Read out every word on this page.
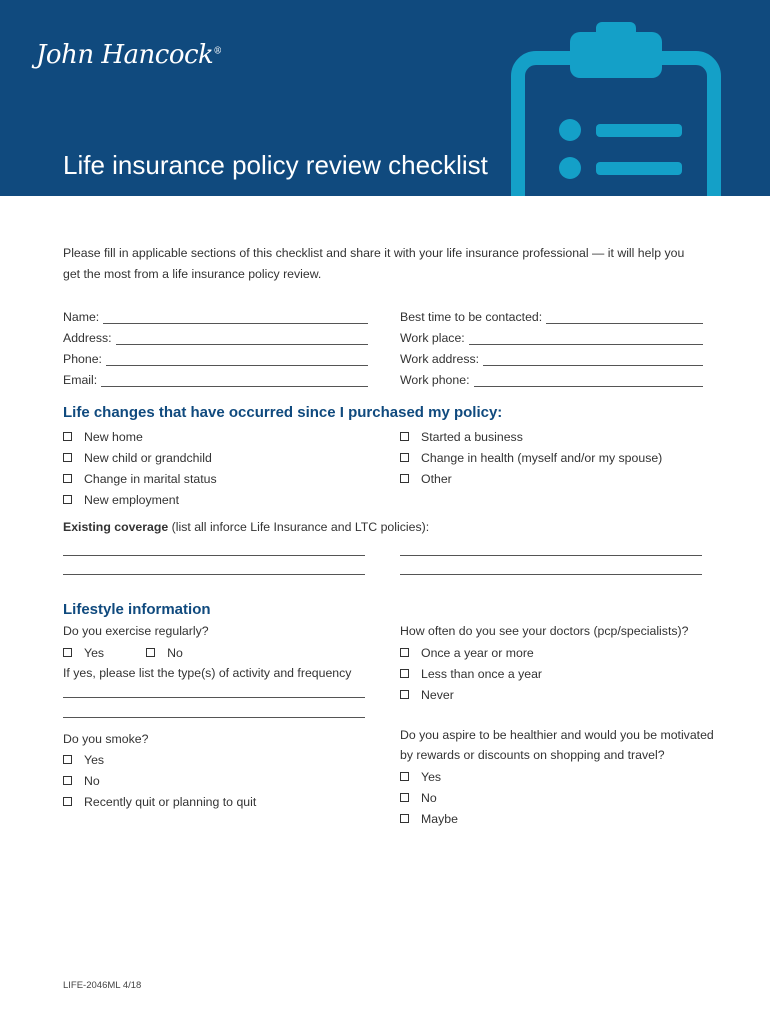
John Hancock®
Life insurance policy review checklist

Please fill in applicable sections of this checklist and share it with your life insurance professional — it will help you get the most from a life insurance policy review.

Name:
Address:
Phone:
Email:
Best time to be contacted:
Work place:
Work address:
Work phone:
Life changes that have occurred since I purchased my policy:
New home
New child or grandchild
Change in marital status
New employment
Started a business
Change in health (myself and/or my spouse)
Other

Existing coverage (list all inforce Life Insurance and LTC policies):

Lifestyle information

Do you exercise regularly?

Yes	No

If yes, please list the type(s) of activity and frequency

Do you smoke?

Yes
No
Recently quit or planning to quit

How often do you see your doctors (pcp/specialists)?

Once a year or more
Less than once a year
Never

Do you aspire to be healthier and would you be motivated

by rewards or discounts on shopping and travel?

Yes
No
Maybe
LIFE-2046ML 4/18
